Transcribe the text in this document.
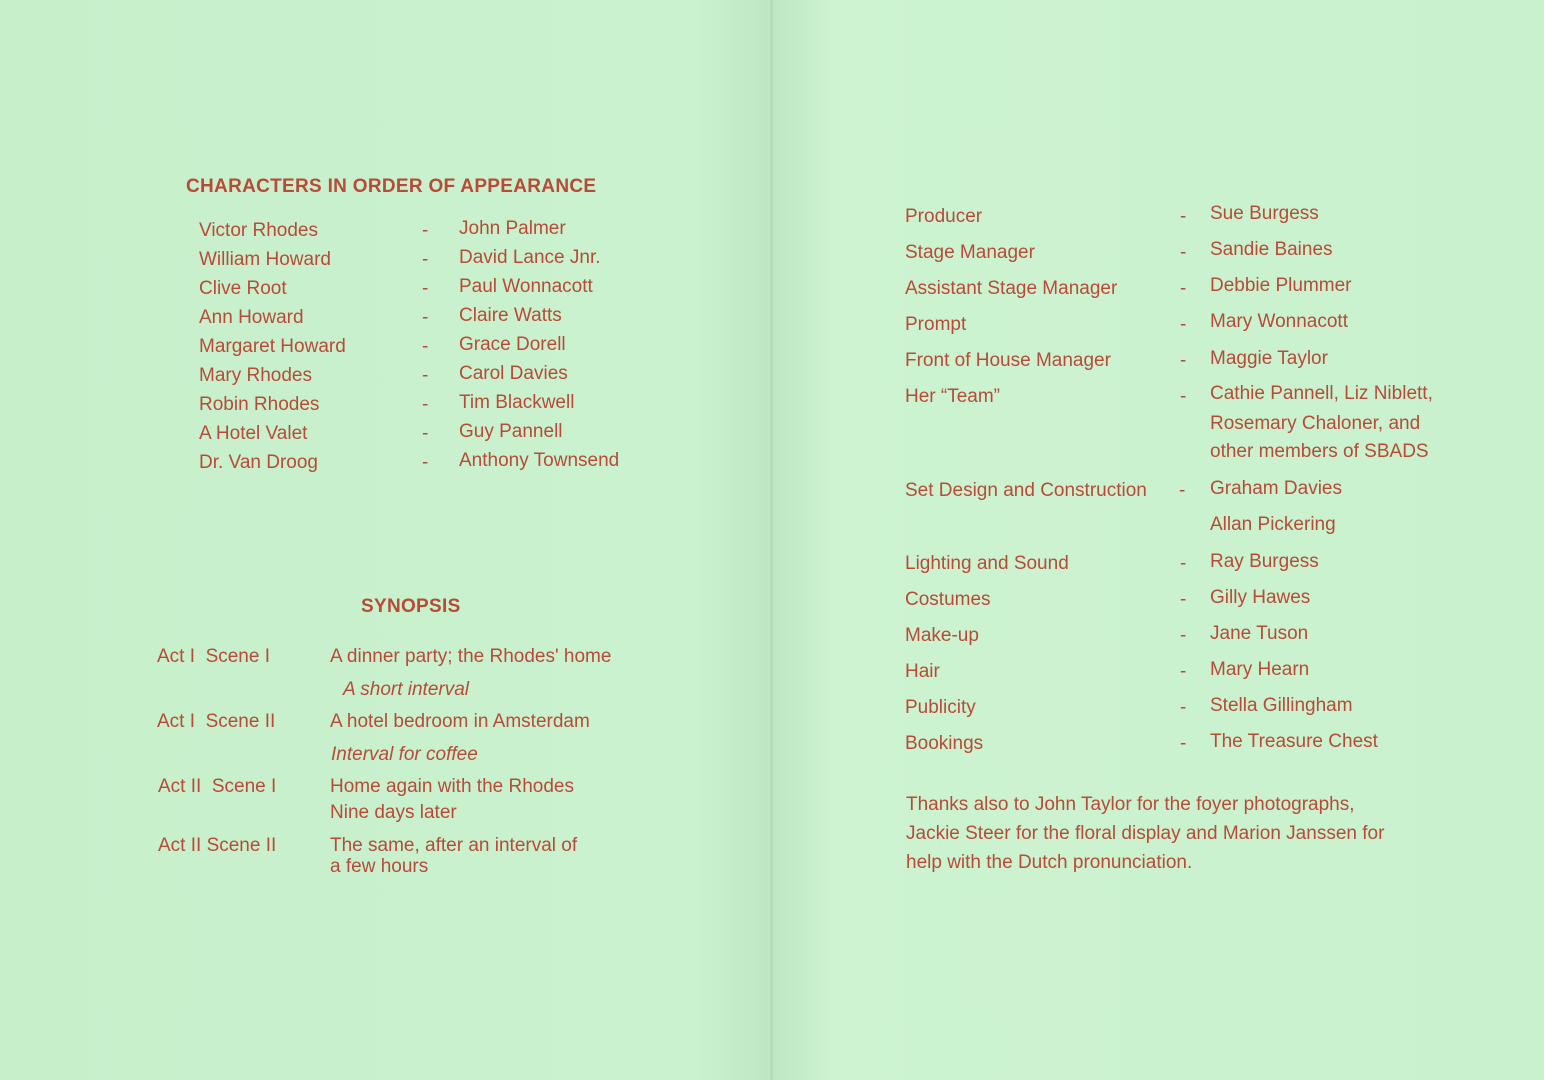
CHARACTERS IN ORDER OF APPEARANCE
Victor Rhodes	- John Palmer
William Howard	- David Lance Jnr.
Clive Root	- Paul Wonnacott
Ann Howard	- Claire Watts
Margaret Howard	- Grace Dorell
Mary Rhodes	- Carol Davies
Robin Rhodes	- Tim Blackwell
A Hotel Valet	- Guy Pannell
Dr. Van Droog	- Anthony Townsend
SYNOPSIS
Act I  Scene I	A dinner party; the Rhodes' home
A short interval
Act I  Scene II	A hotel bedroom in Amsterdam
Interval for coffee
Act II  Scene I	Home again with the Rhodes
Nine days later
Act II Scene II	The same, after an interval of
a few hours
Producer	- Sue Burgess
Stage Manager	- Sandie Baines
Assistant Stage Manager	- Debbie Plummer
Prompt	- Mary Wonnacott
Front of House Manager	- Maggie Taylor
Her “Team”	- Cathie Pannell, Liz Niblett,
Rosemary Chaloner, and
other members of SBADS
Set Design and Construction - Graham Davies
Allan Pickering
Lighting and Sound	- Ray Burgess
Costumes	- Gilly Hawes
Make-up	- Jane Tuson
Hair	- Mary Hearn
Publicity	- Stella Gillingham
Bookings	- The Treasure Chest
Thanks also to John Taylor for the foyer photographs,
Jackie Steer for the floral display and Marion Janssen for
help with the Dutch pronunciation.
